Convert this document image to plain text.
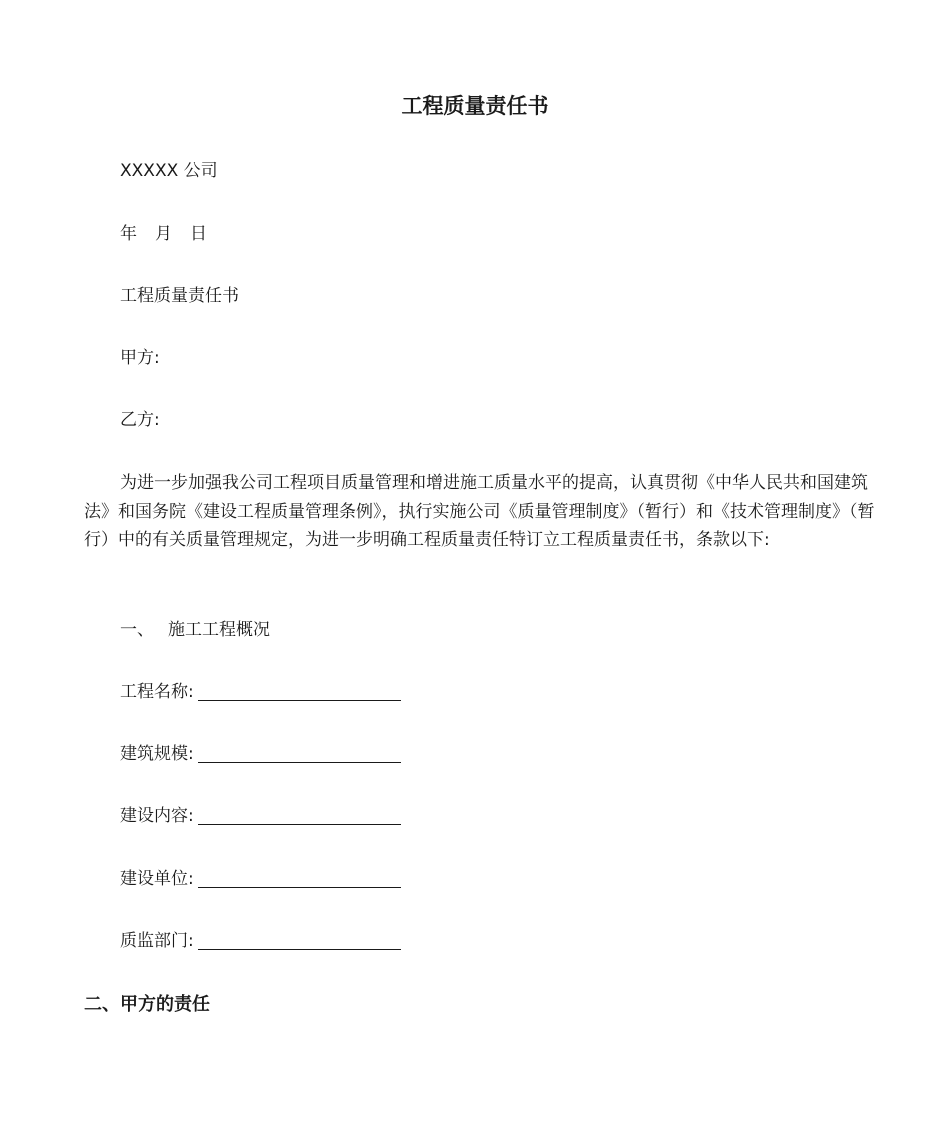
工程质量责任书
XXXXX 公司
年 月 日
工程质量责任书
甲方:
乙方:
为进一步加强我公司工程项目质量管理和增进施工质量水平的提高，认真贯彻《中华人民共和国建筑法》和国务院《建设工程质量管理条例》，执行实施公司《质量管理制度》（暂行）和《技术管理制度》（暂行）中的有关质量管理规定，为进一步明确工程质量责任特订立工程质量责任书，条款以下:
一、 施工工程概况
工程名称:
建筑规模:
建设内容:
建设单位:
质监部门:
二、甲方的责任
